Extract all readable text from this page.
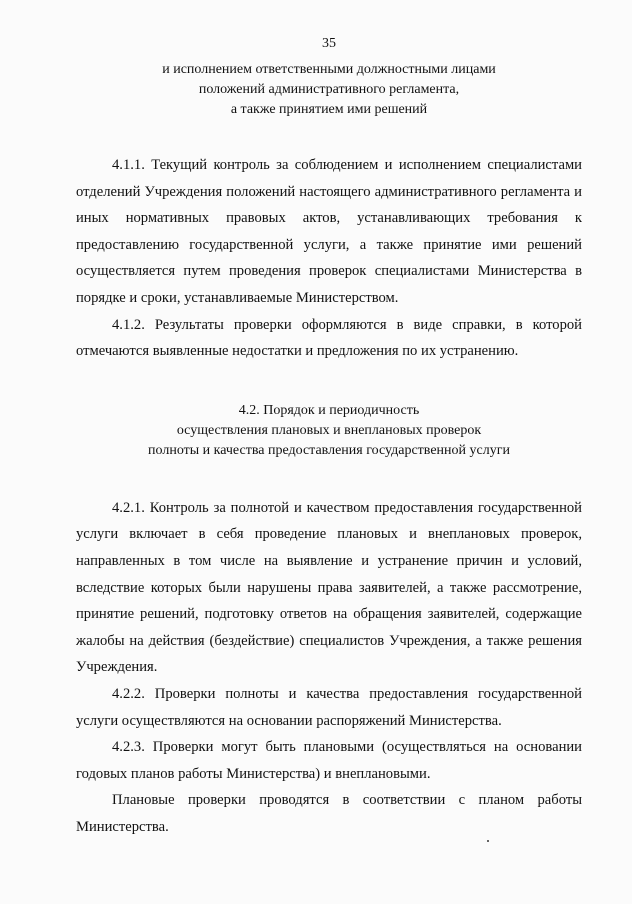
35

и исполнением ответственными должностными лицами

положений административного регламента,

а также принятием ими решений

4.1.1. Текущий контроль за соблюдением и исполнением специалистами отделений Учреждения положений настоящего административного регламента и иных нормативных правовых актов, устанавливающих требования к предоставлению государственной услуги, а также принятие ими решений осуществляется путем проведения проверок специалистами Министерства в порядке и сроки, устанавливаемые Министерством.

4.1.2. Результаты проверки оформляются в виде справки, в которой отмечаются выявленные недостатки и предложения по их устранению.

4.2. Порядок и периодичность

осуществления плановых и внеплановых проверок

полноты и качества предоставления государственной услуги

4.2.1. Контроль за полнотой и качеством предоставления государственной услуги включает в себя проведение плановых и внеплановых проверок, направленных в том числе на выявление и устранение причин и условий, вследствие которых были нарушены права заявителей, а также рассмотрение, принятие решений, подготовку ответов на обращения заявителей, содержащие жалобы на действия (бездействие) специалистов Учреждения, а также решения Учреждения.

4.2.2. Проверки полноты и качества предоставления государственной услуги осуществляются на основании распоряжений Министерства.

4.2.3. Проверки могут быть плановыми (осуществляться на основании годовых планов работы Министерства) и внеплановыми.

Плановые проверки проводятся в соответствии с планом работы Министерства.
